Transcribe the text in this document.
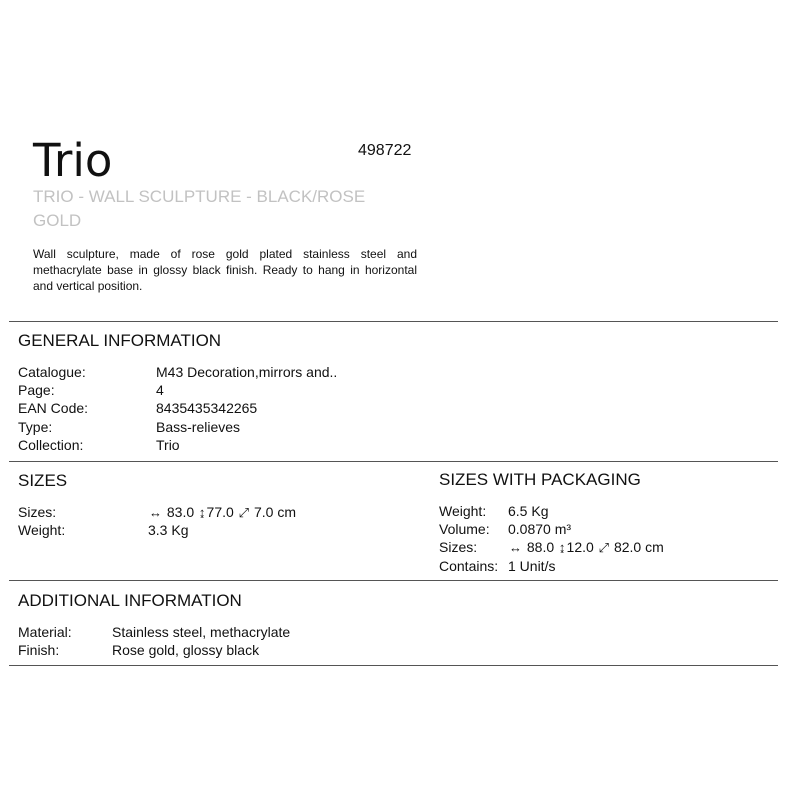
Trio	498722
TRIO - WALL SCULPTURE - BLACK/ROSE GOLD
Wall sculpture, made of rose gold plated stainless steel and methacrylate base in glossy black finish. Ready to hang in horizontal and vertical position.
GENERAL INFORMATION
Catalogue:	M43 Decoration,mirrors and..
Page:	4
EAN Code:	8435435342265
Type:	Bass-relieves
Collection:	Trio
SIZES
Sizes:	↔ 83.0 ↨77.0 ⤢ 7.0 cm
Weight:	3.3 Kg
SIZES WITH PACKAGING
Weight: 6.5 Kg
Volume: 0.0870 m³
Sizes: ↔ 88.0 ↨12.0 ⤢ 82.0 cm
Contains: 1 Unit/s
ADDITIONAL INFORMATION
Material:	Stainless steel, methacrylate
Finish:	Rose gold, glossy black
